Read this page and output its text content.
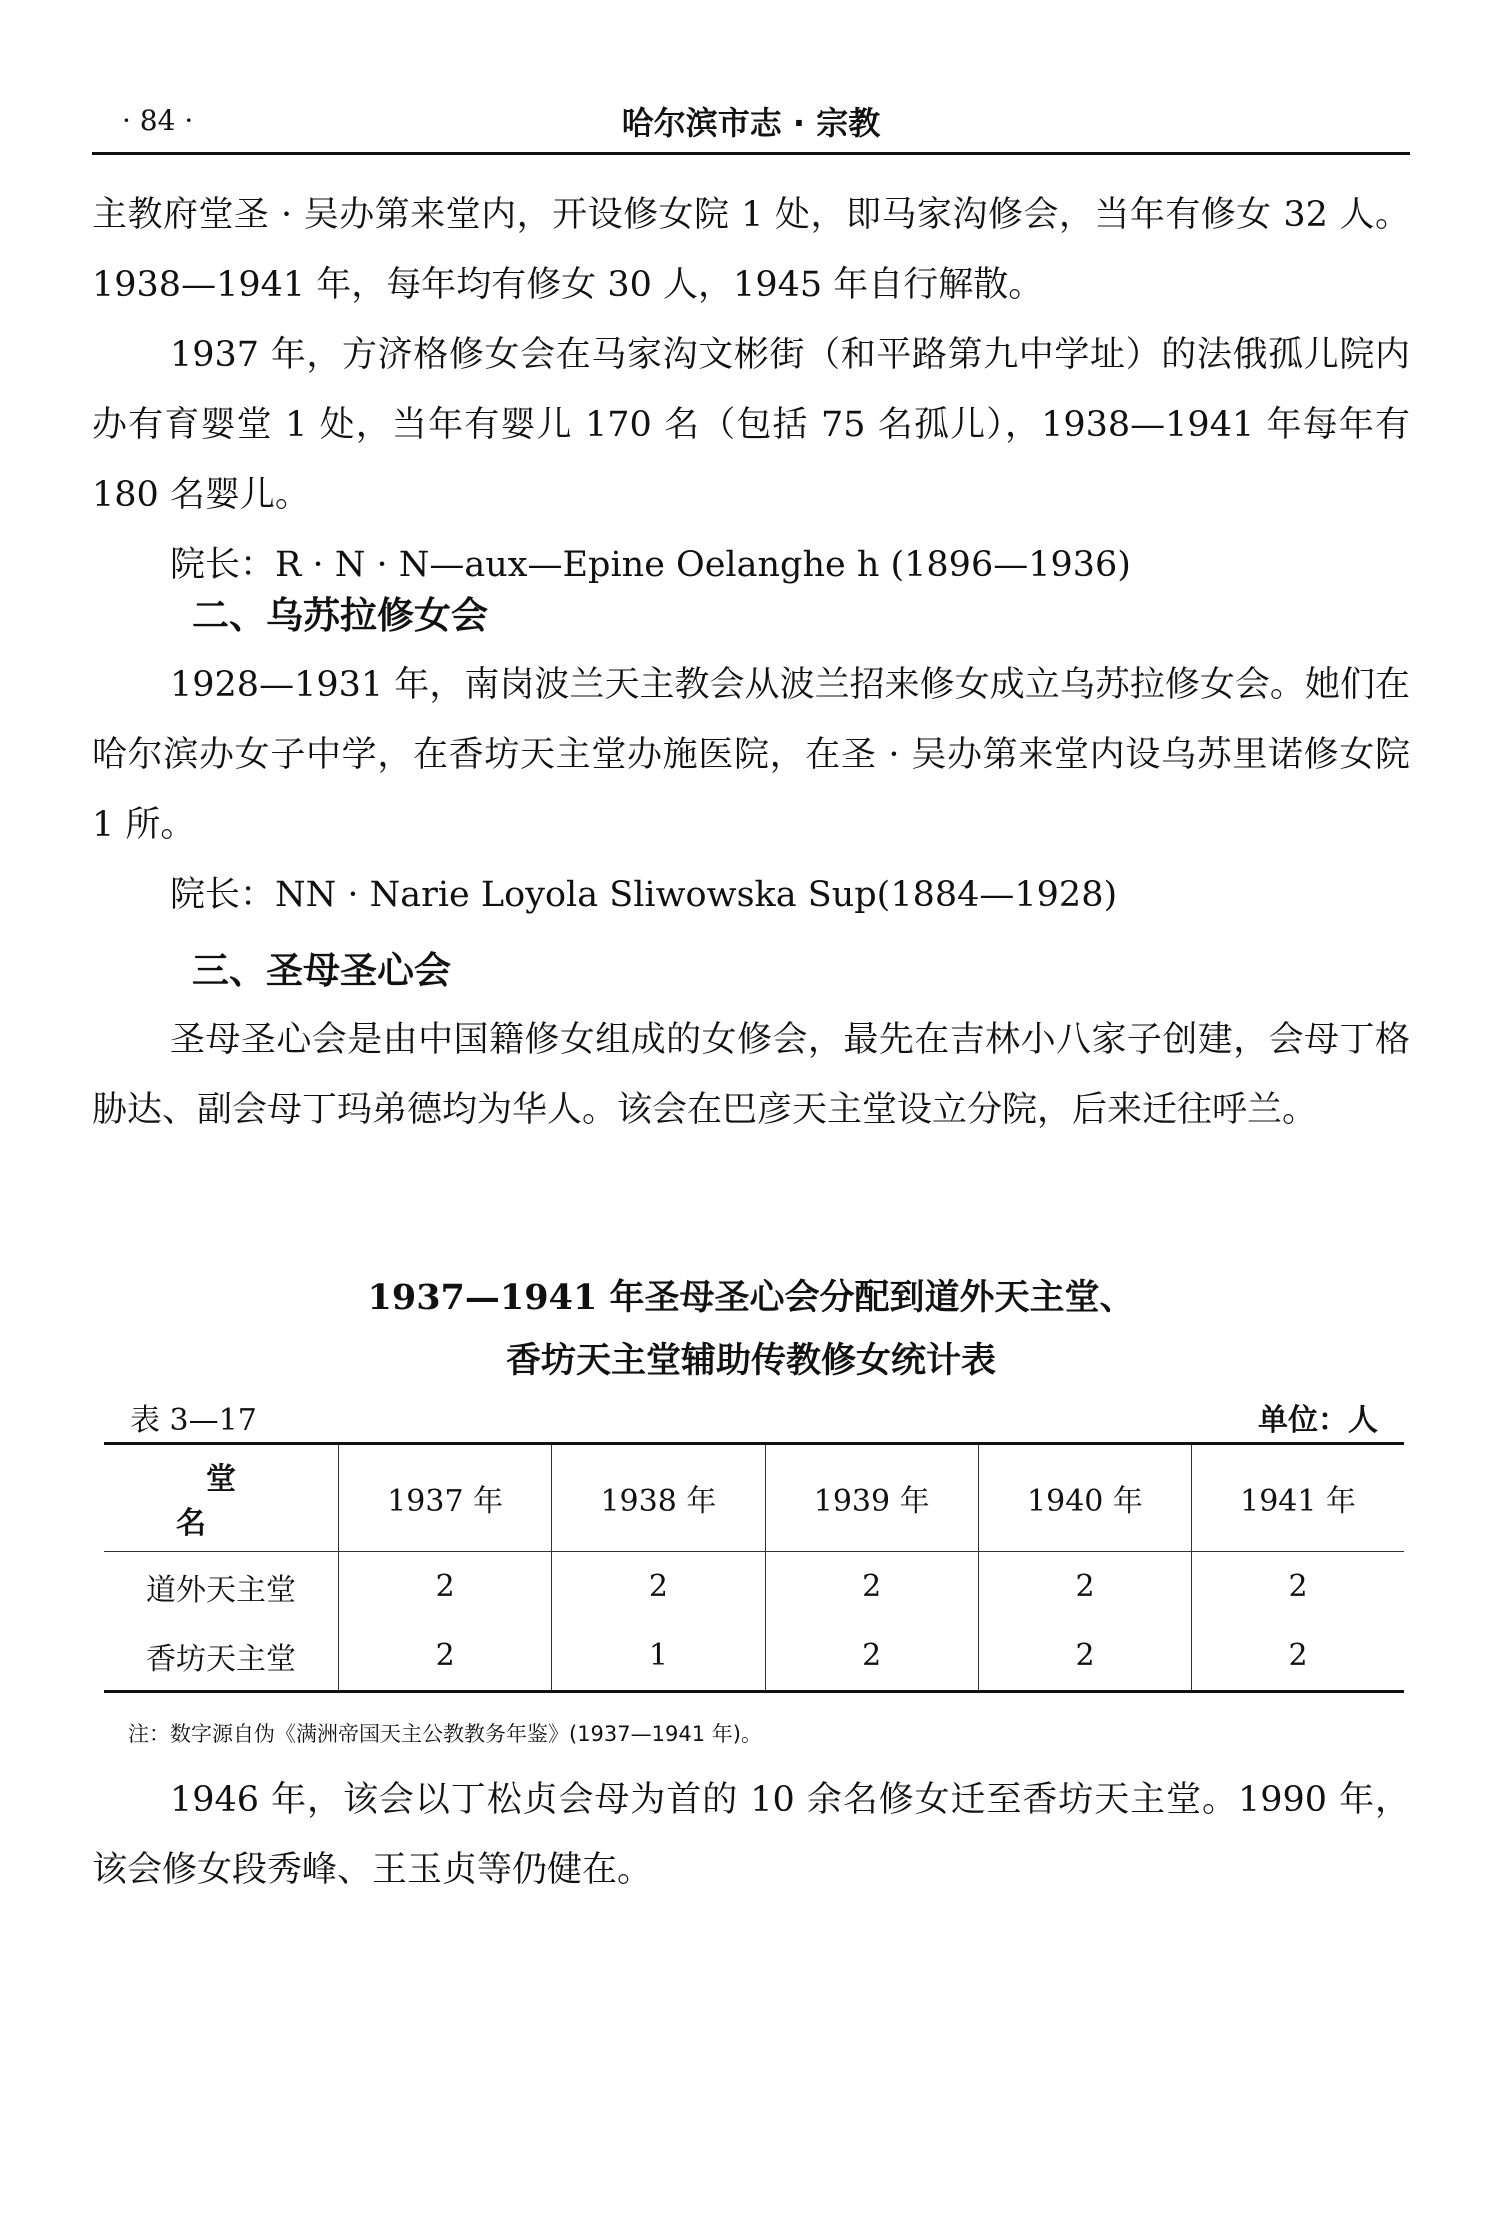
· 84 ·	哈尔滨市志 · 宗教

主教府堂圣 · 吴办第来堂内，开设修女院 1 处，即马家沟修会，当年有修女 32 人。1938—1941 年，每年均有修女 30 人，1945 年自行解散。

1937 年，方济格修女会在马家沟文彬街（和平路第九中学址）的法俄孤儿院内办有育婴堂 1 处，当年有婴儿 170 名（包括 75 名孤儿），1938—1941 年每年有 180 名婴儿。

院长：R · N · N—aux—Epine Oelanghe h (1896—1936)

二、乌苏拉修女会

1928—1931 年，南岗波兰天主教会从波兰招来修女成立乌苏拉修女会。她们在哈尔滨办女子中学，在香坊天主堂办施医院，在圣 · 吴办第来堂内设乌苏里诺修女院 1 所。

院长：NN · Narie Loyola Sliwowska Sup(1884—1928)

三、圣母圣心会

圣母圣心会是由中国籍修女组成的女修会，最先在吉林小八家子创建，会母丁格胁达、副会母丁玛弟德均为华人。该会在巴彦天主堂设立分院，后来迁往呼兰。

1937—1941 年圣母圣心会分配到道外天主堂、
香坊天主堂辅助传教修女统计表
表 3—17	单位：人
堂名	1937 年	1938 年	1939 年	1940 年	1941 年
道外天主堂	2	2	2	2	2
香坊天主堂	2	1	2	2	2
注：数字源自伪《满洲帝国天主公教教务年鉴》(1937—1941 年)。

1946 年，该会以丁松贞会母为首的 10 余名修女迁至香坊天主堂。1990 年，该会修女段秀峰、王玉贞等仍健在。
